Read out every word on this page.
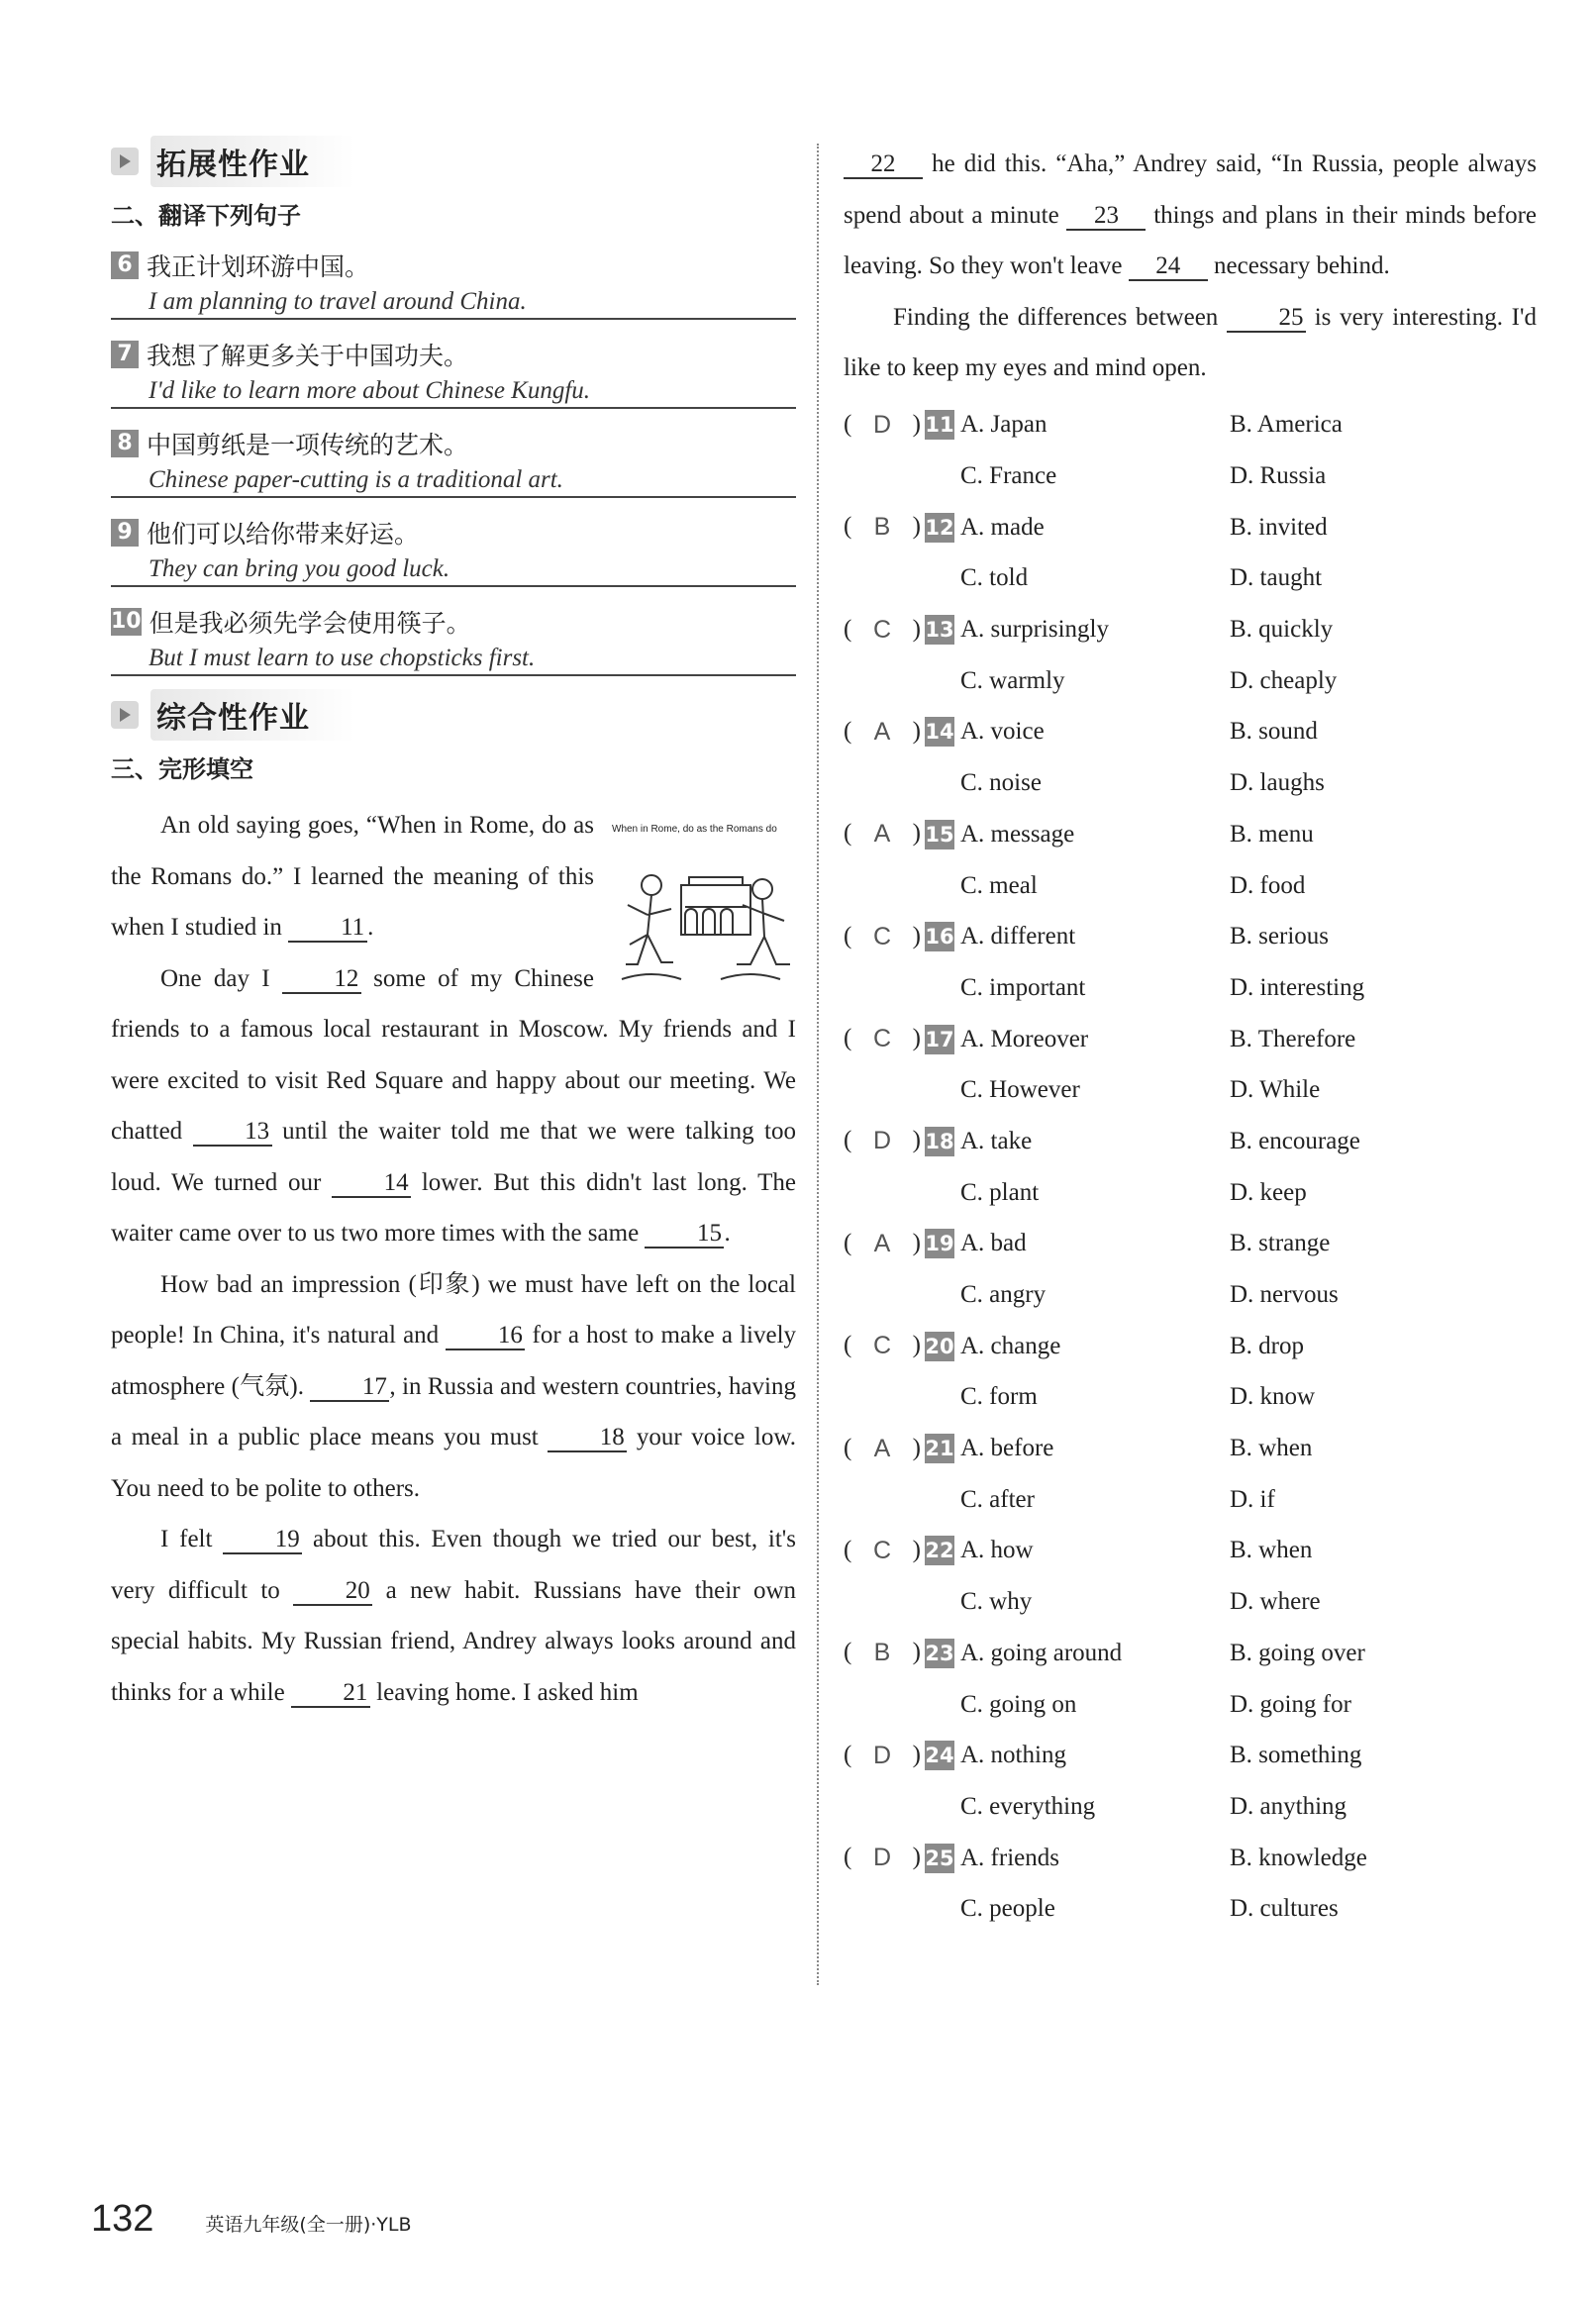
拓展性作业
二、翻译下列句子
6 我正计划环游中国。
I am planning to travel around China.
7 我想了解更多关于中国功夫。
I'd like to learn more about Chinese Kungfu.
8 中国剪纸是一项传统的艺术。
Chinese paper-cutting is a traditional art.
9 他们可以给你带来好运。
They can bring you good luck.
10 但是我必须先学会使用筷子。
But I must learn to use chopsticks first.
综合性作业
三、完形填空
When in Rome, do as the Romans do

An old saying goes, “When in Rome, do as the Romans do.” I learned the meaning of this when I studied in 11 .

One day I	12 some of my Chinese friends to a famous local restaurant in Moscow. My friends and I were excited to visit Red Square and happy about our meeting. We chatted	13 until the waiter told me that we were talking too loud. We turned our	14 lower. But this didn't last long. The waiter came over to us two more times with the same 15 .

How bad an impression (印象) we must have left on the local people! In China, it's natural and 16 for a host to make a lively atmosphere (气氛). 17 , in Russia and western countries, having a meal in a public place means you must 18 your voice low. You need to be polite to others.

I felt	19 about this. Even though we tried our best, it's very difficult to	20 a new habit. Russians have their own special habits. My Russian friend, Andrey always looks around and thinks for a while 21 leaving home. I asked him

22 he did this. “Aha,” Andrey said, “In Russia, people always spend about a minute 23 things and plans in their minds before leaving. So they won't leave 24 necessary behind.

Finding the differences between 25 is very interesting. I'd like to keep my eyes and mind open.

( D ) 11 A. Japan	B. America
C. France	D. Russia
( B ) 12 A. made	B. invited
C. told	D. taught
( C ) 13 A. surprisingly	B. quickly
C. warmly	D. cheaply
( A ) 14 A. voice	B. sound
C. noise	D. laughs
( A ) 15 A. message	B. menu
C. meal	D. food
( C ) 16 A. different	B. serious
C. important	D. interesting
( C ) 17 A. Moreover	B. Therefore
C. However	D. While
( D ) 18 A. take	B. encourage
C. plant	D. keep
( A ) 19 A. bad	B. strange
C. angry	D. nervous
( C ) 20 A. change	B. drop
C. form	D. know
( A ) 21 A. before	B. when
C. after	D. if
( C ) 22 A. how	B. when
C. why	D. where
( B ) 23 A. going around	B. going over
C. going on	D. going for
( D ) 24 A. nothing	B. something
C. everything	D. anything
( D ) 25 A. friends	B. knowledge
C. people	D. cultures
132	英语九年级(全一册)·YLB
